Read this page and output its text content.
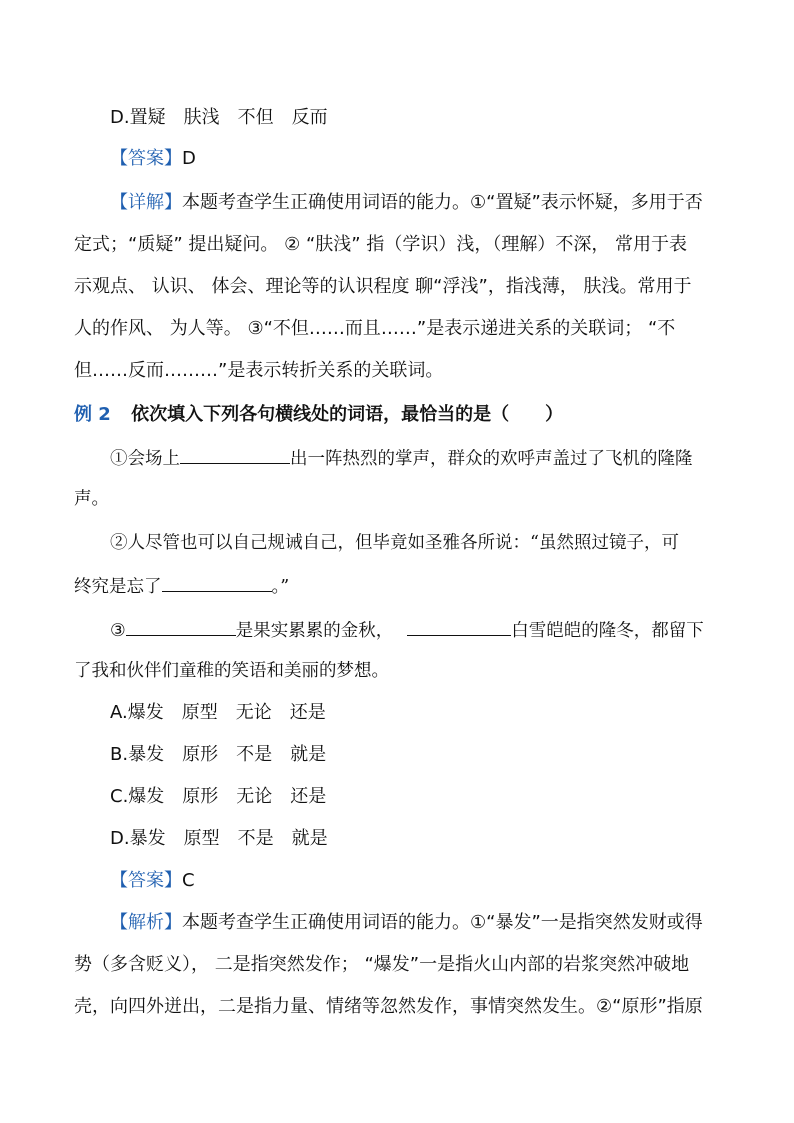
D.置疑　肤浅　不但　反而
【答案】D
【详解】本题考查学生正确使用词语的能力。①“置疑”表示怀疑，多用于否
定式；“质疑” 提出疑问。 ② “肤浅” 指（学识）浅，（理解）不深， 常用于表
示观点、 认识、 体会、理论等的认识程度 聊“浮浅”，指浅薄， 肤浅。常用于
人的作风、 为人等。 ③“不但……而且……”是表示递进关系的关联词； “不
但……反而………”是表示转折关系的关联词。
例 2 依次填入下列各句横线处的词语，最恰当的是（　　）
①会场上	出一阵热烈的掌声，群众的欢呼声盖过了飞机的隆隆
声。
②人尽管也可以自己规诫自己，但毕竟如圣雅各所说：“虽然照过镜子，可
终究是忘了	。”
③	是果实累累的金秋，	白雪皑皑的隆冬，都留下
了我和伙伴们童稚的笑语和美丽的梦想。
A.爆发　原型　无论　还是
B.暴发　原形　不是　就是
C.爆发　原形　无论　还是
D.暴发　原型　不是　就是
【答案】C
【解析】本题考查学生正确使用词语的能力。①“暴发”一是指突然发财或得
势（多含贬义）， 二是指突然发作； “爆发”一是指火山内部的岩浆突然冲破地
壳，向四外迸出，二是指力量、情绪等忽然发作，事情突然发生。②“原形”指原
